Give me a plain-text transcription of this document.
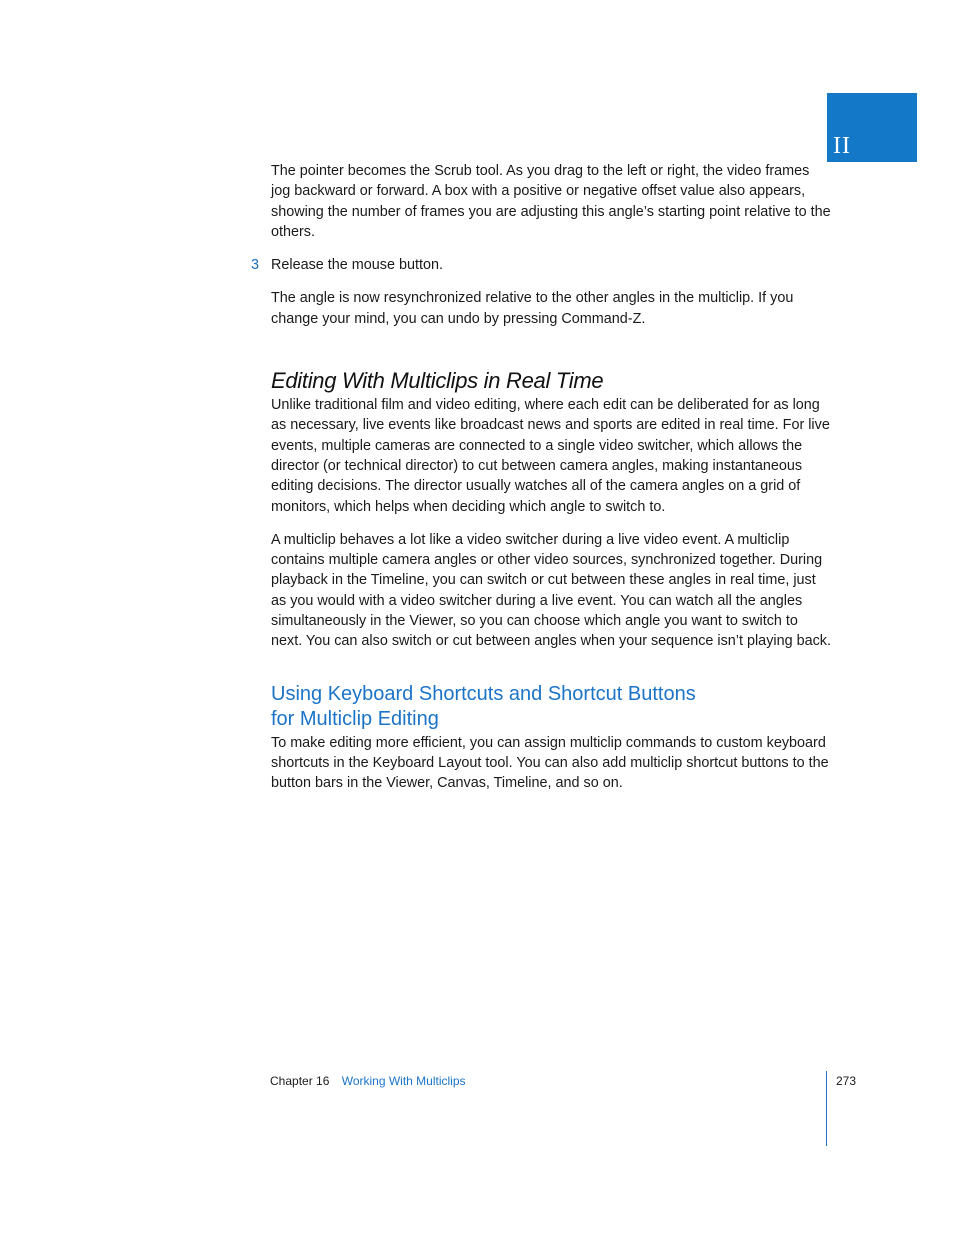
II

The pointer becomes the Scrub tool. As you drag to the left or right, the video frames jog backward or forward. A box with a positive or negative offset value also appears, showing the number of frames you are adjusting this angle’s starting point relative to the others.

3 Release the mouse button.

The angle is now resynchronized relative to the other angles in the multiclip. If you change your mind, you can undo by pressing Command-Z.

Editing With Multiclips in Real Time

Unlike traditional film and video editing, where each edit can be deliberated for as long as necessary, live events like broadcast news and sports are edited in real time. For live events, multiple cameras are connected to a single video switcher, which allows the director (or technical director) to cut between camera angles, making instantaneous editing decisions. The director usually watches all of the camera angles on a grid of monitors, which helps when deciding which angle to switch to.

A multiclip behaves a lot like a video switcher during a live video event. A multiclip contains multiple camera angles or other video sources, synchronized together. During playback in the Timeline, you can switch or cut between these angles in real time, just as you would with a video switcher during a live event. You can watch all the angles simultaneously in the Viewer, so you can choose which angle you want to switch to next. You can also switch or cut between angles when your sequence isn’t playing back.

Using Keyboard Shortcuts and Shortcut Buttons
for Multiclip Editing

To make editing more efficient, you can assign multiclip commands to custom keyboard shortcuts in the Keyboard Layout tool. You can also add multiclip shortcut buttons to the button bars in the Viewer, Canvas, Timeline, and so on.

Chapter 16 Working With Multiclips	273
